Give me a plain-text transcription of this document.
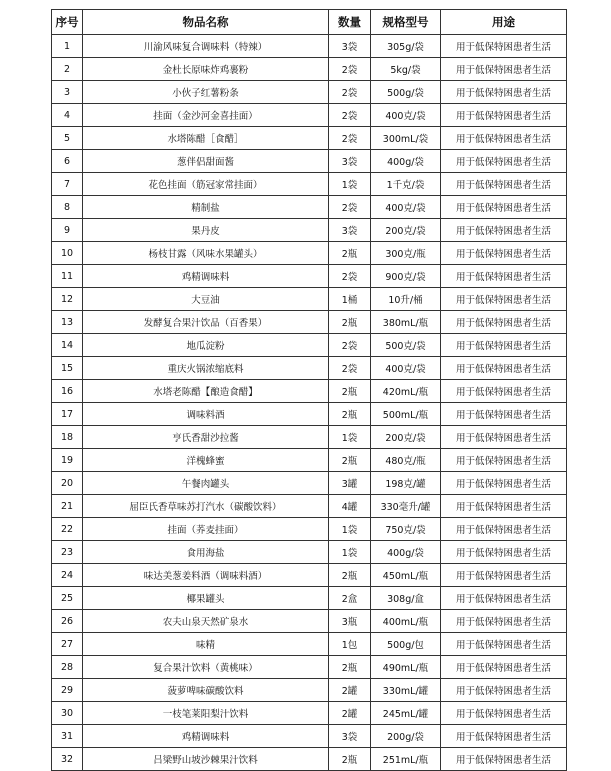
序号	物品名称	数量	规格型号	用途
1	川渝风味复合调味料（特辣）	3袋	305g/袋	用于低保特困患者生活
2	金杜长原味炸鸡裹粉	2袋	5kg/袋	用于低保特困患者生活
3	小伙子红薯粉条	2袋	500g/袋	用于低保特困患者生活
4	挂面（金沙河金喜挂面）	2袋	400克/袋	用于低保特困患者生活
5	水塔陈醋［食醋］	2袋	300mL/袋	用于低保特困患者生活
6	葱伴侣甜面酱	3袋	400g/袋	用于低保特困患者生活
7	花色挂面（筋冠家常挂面）	1袋	1千克/袋	用于低保特困患者生活
8	精制盐	2袋	400克/袋	用于低保特困患者生活
9	果丹皮	3袋	200克/袋	用于低保特困患者生活
10	杨枝甘露（风味水果罐头）	2瓶	300克/瓶	用于低保特困患者生活
11	鸡精调味料	2袋	900克/袋	用于低保特困患者生活
12	大豆油	1桶	10升/桶	用于低保特困患者生活
13	发酵复合果汁饮品（百香果）	2瓶	380mL/瓶	用于低保特困患者生活
14	地瓜淀粉	2袋	500克/袋	用于低保特困患者生活
15	重庆火锅浓缩底料	2袋	400克/袋	用于低保特困患者生活
16	水塔老陈醋【酿造食醋】	2瓶	420mL/瓶	用于低保特困患者生活
17	调味料酒	2瓶	500mL/瓶	用于低保特困患者生活
18	亨氏香甜沙拉酱	1袋	200克/袋	用于低保特困患者生活
19	洋槐蜂蜜	2瓶	480克/瓶	用于低保特困患者生活
20	午餐肉罐头	3罐	198克/罐	用于低保特困患者生活
21	屈臣氏香草味苏打汽水（碳酸饮料）	4罐	330毫升/罐	用于低保特困患者生活
22	挂面（荞麦挂面）	1袋	750克/袋	用于低保特困患者生活
23	食用海盐	1袋	400g/袋	用于低保特困患者生活
24	味达美葱姜料酒（调味料酒）	2瓶	450mL/瓶	用于低保特困患者生活
25	椰果罐头	2盒	308g/盒	用于低保特困患者生活
26	农夫山泉天然矿泉水	3瓶	400mL/瓶	用于低保特困患者生活
27	味精	1包	500g/包	用于低保特困患者生活
28	复合果汁饮料（黄桃味）	2瓶	490mL/瓶	用于低保特困患者生活
29	菠萝啤味碳酸饮料	2罐	330mL/罐	用于低保特困患者生活
30	一枝笔莱阳梨汁饮料	2罐	245mL/罐	用于低保特困患者生活
31	鸡精调味料	3袋	200g/袋	用于低保特困患者生活
32	吕梁野山坡沙棘果汁饮料	2瓶	251mL/瓶	用于低保特困患者生活
